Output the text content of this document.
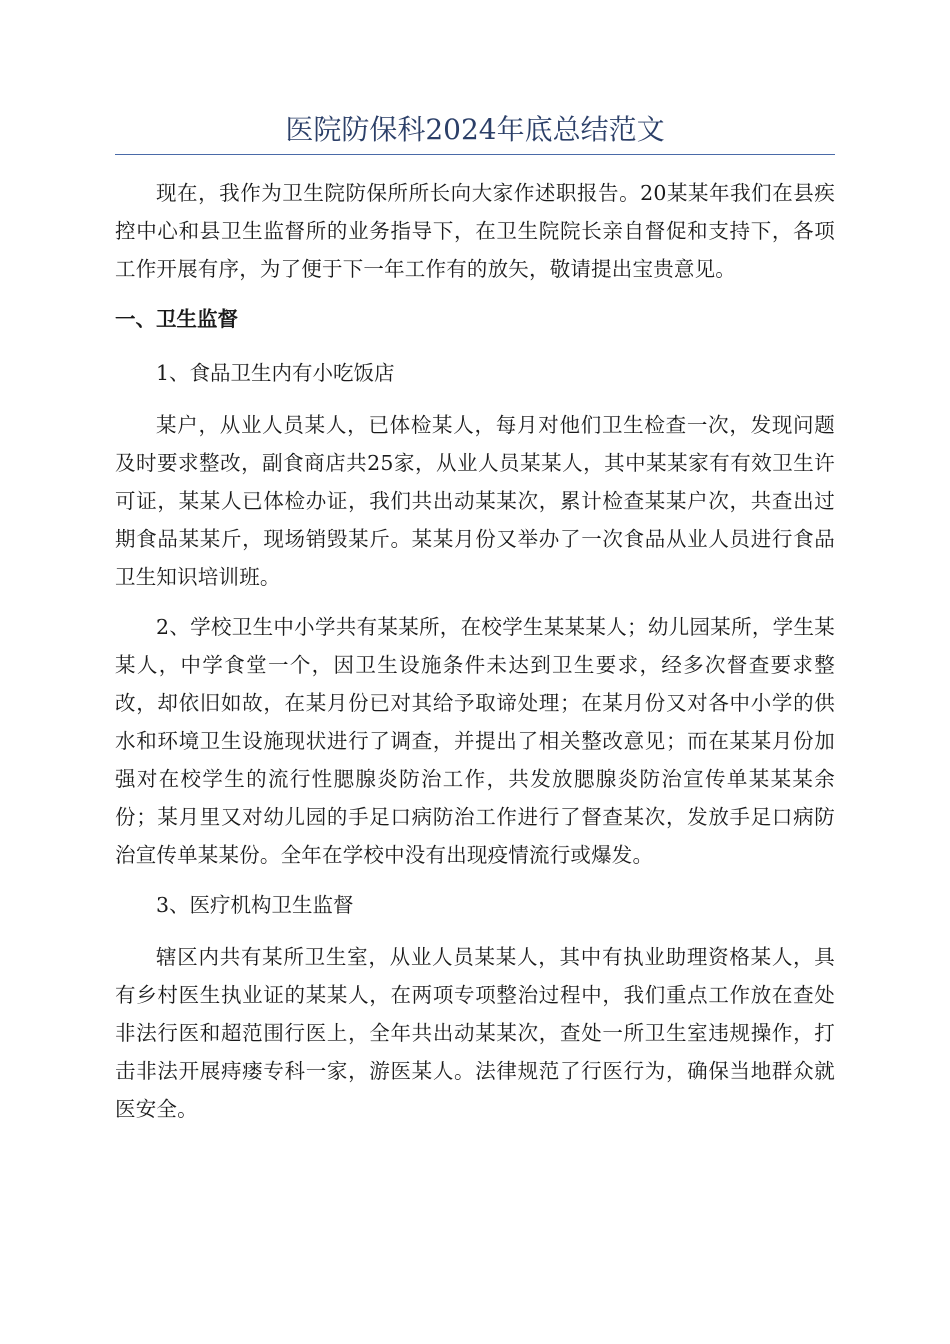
医院防保科2024年底总结范文

现在，我作为卫生院防保所所长向大家作述职报告。20某某年我们在县疾控中心和县卫生监督所的业务指导下，在卫生院院长亲自督促和支持下，各项工作开展有序，为了便于下一年工作有的放矢，敬请提出宝贵意见。

一、卫生监督

1、食品卫生内有小吃饭店

某户，从业人员某人，已体检某人，每月对他们卫生检查一次，发现问题及时要求整改，副食商店共25家，从业人员某某人，其中某某家有有效卫生许可证，某某人已体检办证，我们共出动某某次，累计检查某某户次，共查出过期食品某某斤，现场销毁某斤。某某月份又举办了一次食品从业人员进行食品卫生知识培训班。

2、学校卫生中小学共有某某所，在校学生某某某人；幼儿园某所，学生某某人，中学食堂一个，因卫生设施条件未达到卫生要求，经多次督查要求整改，却依旧如故，在某月份已对其给予取谛处理；在某月份又对各中小学的供水和环境卫生设施现状进行了调查，并提出了相关整改意见；而在某某月份加强对在校学生的流行性腮腺炎防治工作，共发放腮腺炎防治宣传单某某某余份；某月里又对幼儿园的手足口病防治工作进行了督查某次，发放手足口病防治宣传单某某份。全年在学校中没有出现疫情流行或爆发。

3、医疗机构卫生监督

辖区内共有某所卫生室，从业人员某某人，其中有执业助理资格某人，具有乡村医生执业证的某某人，在两项专项整治过程中，我们重点工作放在查处非法行医和超范围行医上，全年共出动某某次，查处一所卫生室违规操作，打击非法开展痔瘘专科一家，游医某人。法律规范了行医行为，确保当地群众就医安全。
